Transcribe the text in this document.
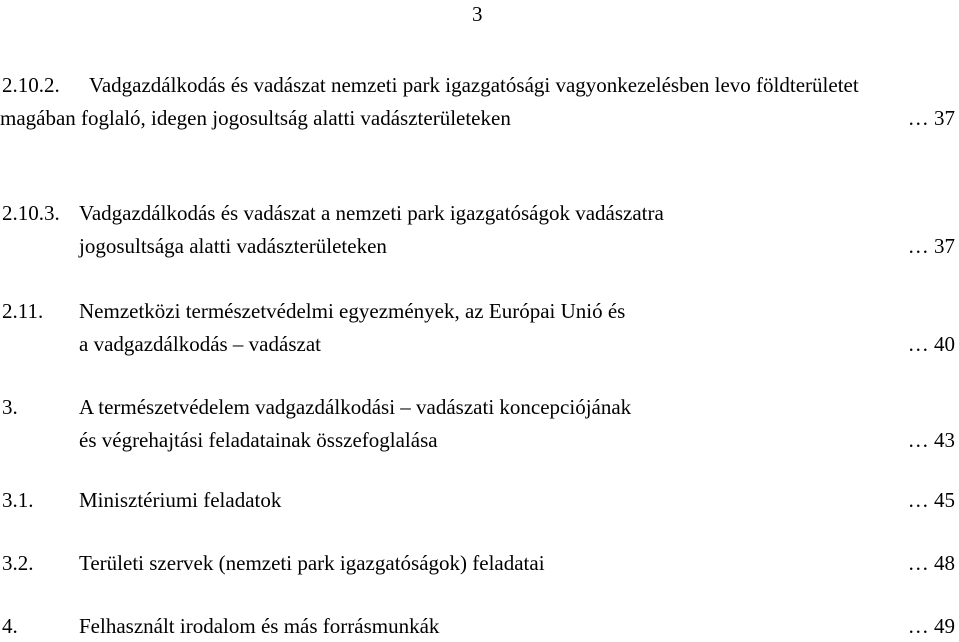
3
2.10.2. Vadgazdálkodás és vadászat nemzeti park igazgatósági vagyonkezelésben levo földterületet
magában foglaló, idegen jogosultság alatti vadászterületeken	… 37
2.10.3. Vadgazdálkodás és vadászat a nemzeti park igazgatóságok vadászatra
jogosultsága alatti vadászterületeken	… 37
2.11. Nemzetközi természetvédelmi egyezmények, az Európai Unió és
a vadgazdálkodás – vadászat	… 40
3.	A természetvédelem vadgazdálkodási – vadászati koncepciójának
és végrehajtási feladatainak összefoglalása	… 43
3.1. Minisztériumi feladatok	… 45
3.2. Területi szervek (nemzeti park igazgatóságok) feladatai	… 48
4.	Felhasznált irodalom és más forrásmunkák	… 49
